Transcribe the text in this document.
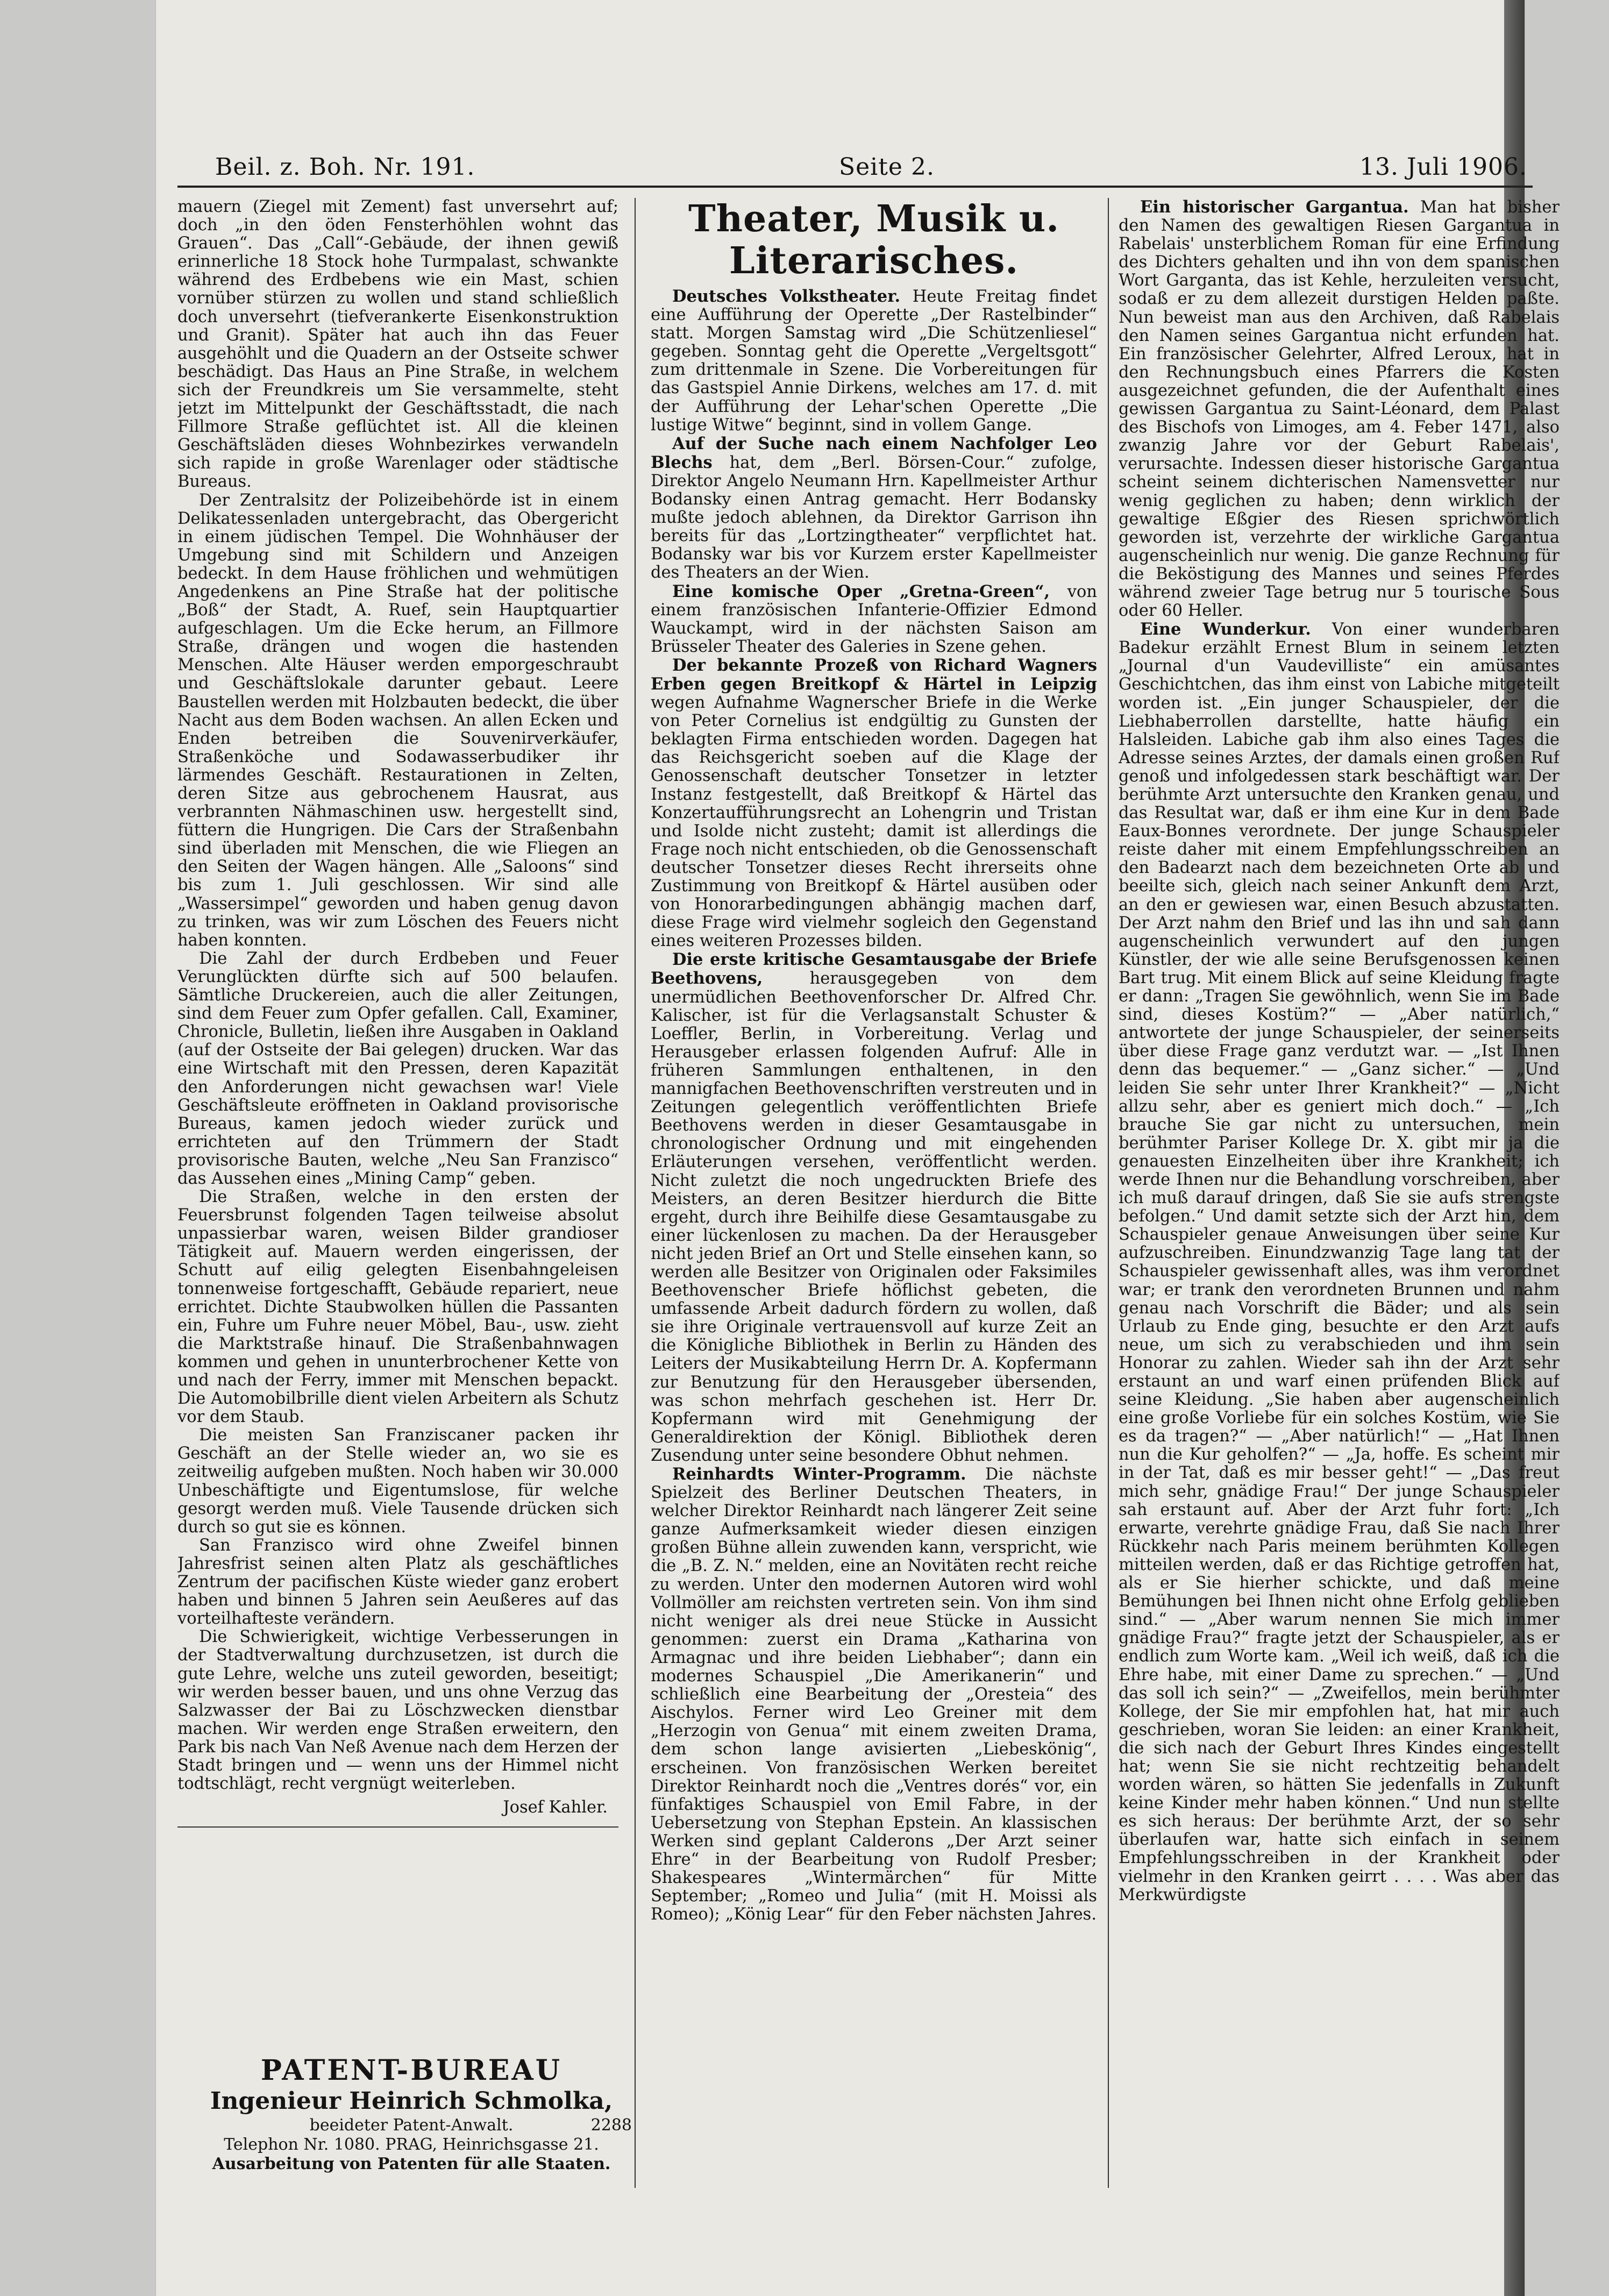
Beil. z. Boh. Nr. 191.	Seite 2.	13. Juli 1906.

mauern (Ziegel mit Zement) fast unversehrt auf; doch „in den öden Fensterhöhlen wohnt das Grauen“. Das „Call“-Gebäude, der ihnen gewiß erinnerliche 18 Stock hohe Turmpalast, schwankte während des Erdbebens wie ein Mast, schien vornüber stürzen zu wollen und stand schließlich doch unversehrt (tiefverankerte Eisenkonstruktion und Granit). Später hat auch ihn das Feuer ausgehöhlt und die Quadern an der Ostseite schwer beschädigt. Das Haus an Pine Straße, in welchem sich der Freundkreis um Sie versammelte, steht jetzt im Mittelpunkt der Geschäftsstadt, die nach Fillmore Straße geflüchtet ist. All die kleinen Geschäftsläden dieses Wohnbezirkes verwandeln sich rapide in große Warenlager oder städtische Bureaus.

Der Zentralsitz der Polizeibehörde ist in einem Delikatessenladen untergebracht, das Obergericht in einem jüdischen Tempel. Die Wohnhäuser der Umgebung sind mit Schildern und Anzeigen bedeckt. In dem Hause fröhlichen und wehmütigen Angedenkens an Pine Straße hat der politische „Boß“ der Stadt, A. Ruef, sein Hauptquartier aufgeschlagen. Um die Ecke herum, an Fillmore Straße, drängen und wogen die hastenden Menschen. Alte Häuser werden emporgeschraubt und Geschäftslokale darunter gebaut. Leere Baustellen werden mit Holzbauten bedeckt, die über Nacht aus dem Boden wachsen. An allen Ecken und Enden betreiben die Souvenirverkäufer, Straßenköche und Sodawasserbudiker ihr lärmendes Geschäft. Restaurationen in Zelten, deren Sitze aus gebrochenem Hausrat, aus verbrannten Nähmaschinen usw. hergestellt sind, füttern die Hungrigen. Die Cars der Straßenbahn sind überladen mit Menschen, die wie Fliegen an den Seiten der Wagen hängen. Alle „Saloons“ sind bis zum 1. Juli geschlossen. Wir sind alle „Wassersimpel“ geworden und haben genug davon zu trinken, was wir zum Löschen des Feuers nicht haben konnten.

Die Zahl der durch Erdbeben und Feuer Verunglückten dürfte sich auf 500 belaufen. Sämtliche Druckereien, auch die aller Zeitungen, sind dem Feuer zum Opfer gefallen. Call, Examiner, Chronicle, Bulletin, ließen ihre Ausgaben in Oakland (auf der Ostseite der Bai gelegen) drucken. War das eine Wirtschaft mit den Pressen, deren Kapazität den Anforderungen nicht gewachsen war! Viele Geschäftsleute eröffneten in Oakland provisorische Bureaus, kamen jedoch wieder zurück und errichteten auf den Trümmern der Stadt provisorische Bauten, welche „Neu San Franzisco“ das Aussehen eines „Mining Camp“ geben.

Die Straßen, welche in den ersten der Feuersbrunst folgenden Tagen teilweise absolut unpassierbar waren, weisen Bilder grandioser Tätigkeit auf. Mauern werden eingerissen, der Schutt auf eilig gelegten Eisenbahngeleisen tonnenweise fortgeschafft, Gebäude repariert, neue errichtet. Dichte Staubwolken hüllen die Passanten ein, Fuhre um Fuhre neuer Möbel, Bau-, usw. zieht die Marktstraße hinauf. Die Straßenbahnwagen kommen und gehen in ununterbrochener Kette von und nach der Ferry, immer mit Menschen bepackt. Die Automobilbrille dient vielen Arbeitern als Schutz vor dem Staub.

Die meisten San Franziscaner packen ihr Geschäft an der Stelle wieder an, wo sie es zeitweilig aufgeben mußten. Noch haben wir 30.000 Unbeschäftigte und Eigentumslose, für welche gesorgt werden muß. Viele Tausende drücken sich durch so gut sie es können.

San Franzisco wird ohne Zweifel binnen Jahresfrist seinen alten Platz als geschäftliches Zentrum der pacifischen Küste wieder ganz erobert haben und binnen 5 Jahren sein Aeußeres auf das vorteilhafteste verändern.

Die Schwierigkeit, wichtige Verbesserungen in der Stadtverwaltung durchzusetzen, ist durch die gute Lehre, welche uns zuteil geworden, beseitigt; wir werden besser bauen, und uns ohne Verzug das Salzwasser der Bai zu Löschzwecken dienstbar machen. Wir werden enge Straßen erweitern, den Park bis nach Van Neß Avenue nach dem Herzen der Stadt bringen und — wenn uns der Himmel nicht todtschlägt, recht vergnügt weiterleben.

Josef Kahler.
PATENT-BUREAU
Ingenieur Heinrich Schmolka,
beeideter Patent-Anwalt.	2288
Telephon Nr. 1080. PRAG, Heinrichsgasse 21.
Ausarbeitung von Patenten für alle Staaten.
Theater, Musik u. Literarisches.

Deutsches Volkstheater. Heute Freitag findet eine Aufführung der Operette „Der Rastelbinder“ statt. Morgen Samstag wird „Die Schützenliesel“ gegeben. Sonntag geht die Operette „Vergeltsgott“ zum drittenmale in Szene. Die Vorbereitungen für das Gastspiel Annie Dirkens, welches am 17. d. mit der Aufführung der Lehar'schen Operette „Die lustige Witwe“ beginnt, sind in vollem Gange.

Auf der Suche nach einem Nachfolger Leo Blechs hat, dem „Berl. Börsen-Cour.“ zufolge, Direktor Angelo Neumann Hrn. Kapellmeister Arthur Bodansky einen Antrag gemacht. Herr Bodansky mußte jedoch ablehnen, da Direktor Garrison ihn bereits für das „Lortzingtheater“ verpflichtet hat. Bodansky war bis vor Kurzem erster Kapellmeister des Theaters an der Wien.

Eine komische Oper „Gretna-Green“, von einem französischen Infanterie-Offizier Edmond Wauckampt, wird in der nächsten Saison am Brüsseler Theater des Galeries in Szene gehen.

Der bekannte Prozeß von Richard Wagners Erben gegen Breitkopf & Härtel in Leipzig wegen Aufnahme Wagnerscher Briefe in die Werke von Peter Cornelius ist endgültig zu Gunsten der beklagten Firma entschieden worden. Dagegen hat das Reichsgericht soeben auf die Klage der Genossenschaft deutscher Tonsetzer in letzter Instanz festgestellt, daß Breitkopf & Härtel das Konzertaufführungsrecht an Lohengrin und Tristan und Isolde nicht zusteht; damit ist allerdings die Frage noch nicht entschieden, ob die Genossenschaft deutscher Tonsetzer dieses Recht ihrerseits ohne Zustimmung von Breitkopf & Härtel ausüben oder von Honorarbedingungen abhängig machen darf, diese Frage wird vielmehr sogleich den Gegenstand eines weiteren Prozesses bilden.

Die erste kritische Gesamtausgabe der Briefe Beethovens,	herausgegeben von dem unermüdlichen Beethovenforscher Dr. Alfred Chr. Kalischer, ist für die Verlagsanstalt Schuster & Loeffler, Berlin, in Vorbereitung. Verlag und Herausgeber erlassen folgenden Aufruf: Alle in früheren Sammlungen enthaltenen, in den mannigfachen Beethovenschriften verstreuten und in Zeitungen gelegentlich veröffentlichten Briefe Beethovens werden in dieser Gesamtausgabe in chronologischer Ordnung und mit eingehenden Erläuterungen versehen, veröffentlicht werden. Nicht zuletzt die noch ungedruckten Briefe des Meisters, an deren Besitzer hierdurch die Bitte ergeht, durch ihre Beihilfe diese Gesamtausgabe zu einer lückenlosen zu machen. Da der Herausgeber nicht jeden Brief an Ort und Stelle einsehen kann, so werden alle Besitzer von Originalen oder Faksimiles Beethovenscher Briefe höflichst gebeten, die umfassende Arbeit dadurch fördern zu wollen, daß sie ihre Originale vertrauensvoll auf kurze Zeit an die Königliche Bibliothek in Berlin zu Händen des Leiters der Musikabteilung Herrn Dr. A. Kopfermann zur Benutzung für den Herausgeber übersenden, was schon mehrfach geschehen ist. Herr Dr. Kopfermann wird mit Genehmigung der Generaldirektion der Königl. Bibliothek deren Zusendung unter seine besondere Obhut nehmen.

Reinhardts Winter-Programm. Die nächste Spielzeit des Berliner Deutschen Theaters, in welcher Direktor Reinhardt nach längerer Zeit seine ganze Aufmerksamkeit wieder diesen einzigen großen Bühne allein zuwenden kann, verspricht, wie die „B. Z. N.“ melden, eine an Novitäten recht reiche zu werden. Unter den modernen Autoren wird wohl Vollmöller am reichsten vertreten sein. Von ihm sind nicht weniger als drei neue Stücke in Aussicht genommen: zuerst ein Drama „Katharina von Armagnac und ihre beiden Liebhaber“; dann ein modernes Schauspiel „Die Amerikanerin“ und schließlich eine Bearbeitung der „Oresteia“ des Aischylos. Ferner wird Leo Greiner mit dem „Herzogin von Genua“ mit einem zweiten Drama, dem schon lange avisierten „Liebeskönig“, erscheinen. Von französischen Werken bereitet Direktor Reinhardt noch die „Ventres dorés“ vor, ein fünfaktiges Schauspiel von Emil Fabre, in der Uebersetzung von Stephan Epstein. An klassischen Werken sind geplant Calderons „Der Arzt seiner Ehre“ in der Bearbeitung von Rudolf Presber; Shakespeares „Wintermärchen“ für Mitte September; „Romeo und Julia“ (mit H. Moissi als Romeo); „König Lear“ für den Feber nächsten Jahres.

Ein historischer Gargantua. Man hat bisher den Namen des gewaltigen Riesen Gargantua in Rabelais' unsterblichem Roman für eine Erfindung des Dichters gehalten und ihn von dem spanischen Wort Garganta, das ist Kehle, herzuleiten versucht, sodaß er zu dem allezeit durstigen Helden paßte. Nun beweist man aus den Archiven, daß Rabelais den Namen seines Gargantua nicht erfunden hat. Ein französischer Gelehrter, Alfred Leroux, hat in den Rechnungsbuch eines Pfarrers die Kosten ausgezeichnet gefunden, die der Aufenthalt eines gewissen Gargantua zu Saint-Léonard, dem Palast des Bischofs von Limoges, am 4. Feber 1471, also zwanzig Jahre vor der Geburt Rabelais', verursachte. Indessen dieser historische Gargantua scheint seinem dichterischen Namensvetter nur wenig geglichen zu haben; denn wirklich der gewaltige Eßgier des Riesen sprichwörtlich geworden ist, verzehrte der wirkliche Gargantua augenscheinlich nur wenig. Die ganze Rechnung für die Beköstigung des Mannes und seines Pferdes während zweier Tage betrug nur 5 tourische Sous oder 60 Heller.

Eine Wunderkur. Von einer wunderbaren Badekur erzählt Ernest Blum in seinem letzten „Journal d'un Vaudevilliste“ ein amüsantes Geschichtchen, das ihm einst von Labiche mitgeteilt worden ist. „Ein junger Schauspieler, der die Liebhaberrollen darstellte, hatte häufig ein Halsleiden. Labiche gab ihm also eines Tages die Adresse seines Arztes, der damals einen großen Ruf genoß und infolgedessen stark beschäftigt war. Der berühmte Arzt untersuchte den Kranken genau, und das Resultat war, daß er ihm eine Kur in dem Bade Eaux-Bonnes verordnete. Der junge Schauspieler reiste daher mit einem Empfehlungsschreiben an den Badearzt nach dem bezeichneten Orte ab und beeilte sich, gleich nach seiner Ankunft dem Arzt, an den er gewiesen war, einen Besuch abzustatten. Der Arzt nahm den Brief und las ihn und sah dann augenscheinlich verwundert auf den jungen Künstler, der wie alle seine Berufsgenossen keinen Bart trug. Mit einem Blick auf seine Kleidung fragte er dann: „Tragen Sie gewöhnlich, wenn Sie im Bade sind, dieses Kostüm?“ — „Aber natürlich,“ antwortete der junge Schauspieler, der seinerseits über diese Frage ganz verdutzt war. — „Ist Ihnen denn das bequemer.“ — „Ganz sicher.“ — „Und leiden Sie sehr unter Ihrer Krankheit?“ — „Nicht allzu sehr, aber es geniert mich doch.“ — „Ich brauche Sie gar nicht zu untersuchen, mein berühmter Pariser Kollege Dr. X. gibt mir ja die genauesten Einzelheiten über ihre Krankheit; ich werde Ihnen nur die Behandlung vorschreiben, aber ich muß darauf dringen, daß Sie sie aufs strengste befolgen.“ Und damit setzte sich der Arzt hin, dem Schauspieler genaue Anweisungen über seine Kur aufzuschreiben. Einundzwanzig Tage lang tat der Schauspieler gewissenhaft alles, was ihm verordnet war; er trank den verordneten Brunnen und nahm genau nach Vorschrift die Bäder; und als sein Urlaub zu Ende ging, besuchte er den Arzt aufs neue, um sich zu verabschieden und ihm sein Honorar zu zahlen. Wieder sah ihn der Arzt sehr erstaunt an und warf einen prüfenden Blick auf seine Kleidung. „Sie haben aber augenscheinlich eine große Vorliebe für ein solches Kostüm, wie Sie es da tragen?“ — „Aber natürlich!“ — „Hat Ihnen nun die Kur geholfen?“ — „Ja, hoffe. Es scheint mir in der Tat, daß es mir besser geht!“ — „Das freut mich sehr, gnädige Frau!“ Der junge Schauspieler sah erstaunt auf. Aber der Arzt fuhr fort: „Ich erwarte, verehrte gnädige Frau, daß Sie nach Ihrer Rückkehr nach Paris meinem berühmten Kollegen mitteilen werden, daß er das Richtige getroffen hat, als er Sie hierher schickte, und daß meine Bemühungen bei Ihnen nicht ohne Erfolg geblieben sind.“ — „Aber warum nennen Sie mich immer gnädige Frau?“ fragte jetzt der Schauspieler, als er endlich zum Worte kam. „Weil ich weiß, daß ich die Ehre habe, mit einer Dame zu sprechen.“ — „Und das soll ich sein?“ — „Zweifellos, mein berühmter Kollege, der Sie mir empfohlen hat, hat mir auch geschrieben, woran Sie leiden: an einer Krankheit, die sich nach der Geburt Ihres Kindes eingestellt hat; wenn Sie sie nicht rechtzeitig behandelt worden wären, so hätten Sie jedenfalls in Zukunft keine Kinder mehr haben können.“ Und nun stellte es sich heraus: Der berühmte Arzt, der so sehr überlaufen war, hatte sich einfach in seinem Empfehlungsschreiben in der Krankheit oder vielmehr in den Kranken geirrt . . . . Was aber das Merkwürdigste
